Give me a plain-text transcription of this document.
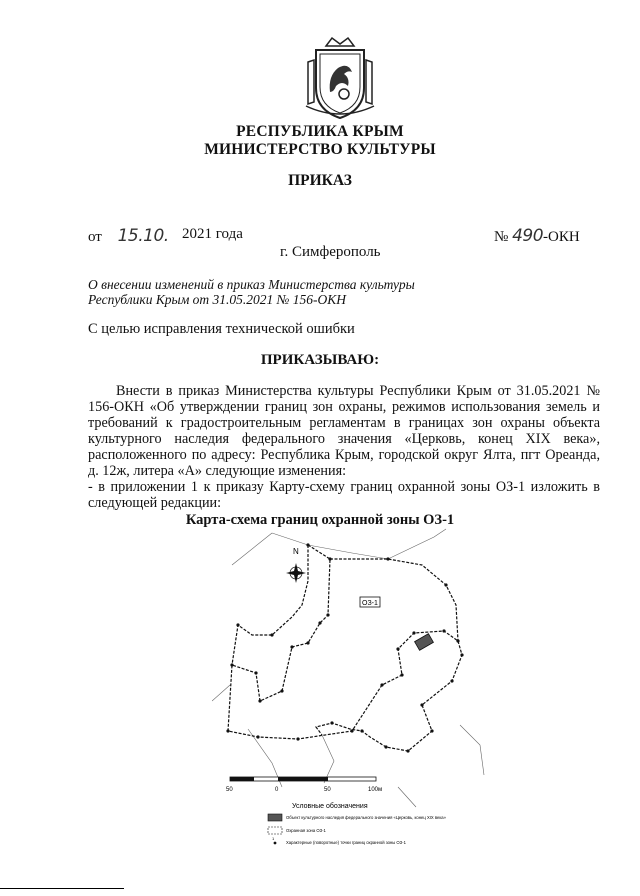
РЕСПУБЛИКА КРЫМ
МИНИСТЕРСТВО КУЛЬТУРЫ
ПРИКАЗ
от 15.10. 2021 года	№ 490-ОКН
г. Симферополь
О внесении изменений в приказ Министерства культуры
Республики Крым от 31.05.2021 № 156-ОКН
С целью исправления технической ошибки
ПРИКАЗЫВАЮ:
Внести в приказ Министерства культуры Республики Крым от 31.05.2021 № 156-ОКН «Об утверждении границ зон охраны, режимов использования земель и требований к градостроительным регламентам в границах зон охраны объекта культурного наследия федерального значения «Церковь, конец XIX века», расположенного по адресу: Республика Крым, городской округ Ялта, пгт Ореанда, д. 12ж, литера «А» следующие изменения:
- в приложении 1 к приказу Карту-схему границ охранной зоны ОЗ-1 изложить в следующей редакции:
Карта-схема границ охранной зоны ОЗ-1
N
ОЗ-1
50	0	50	100м
Условные обозначения
Объект культурного наследия федерального значения «Церковь, конец XIX века»
Охранная зона ОЗ-1
1
Характерные (поворотные) точки границ охранной зоны ОЗ-1
